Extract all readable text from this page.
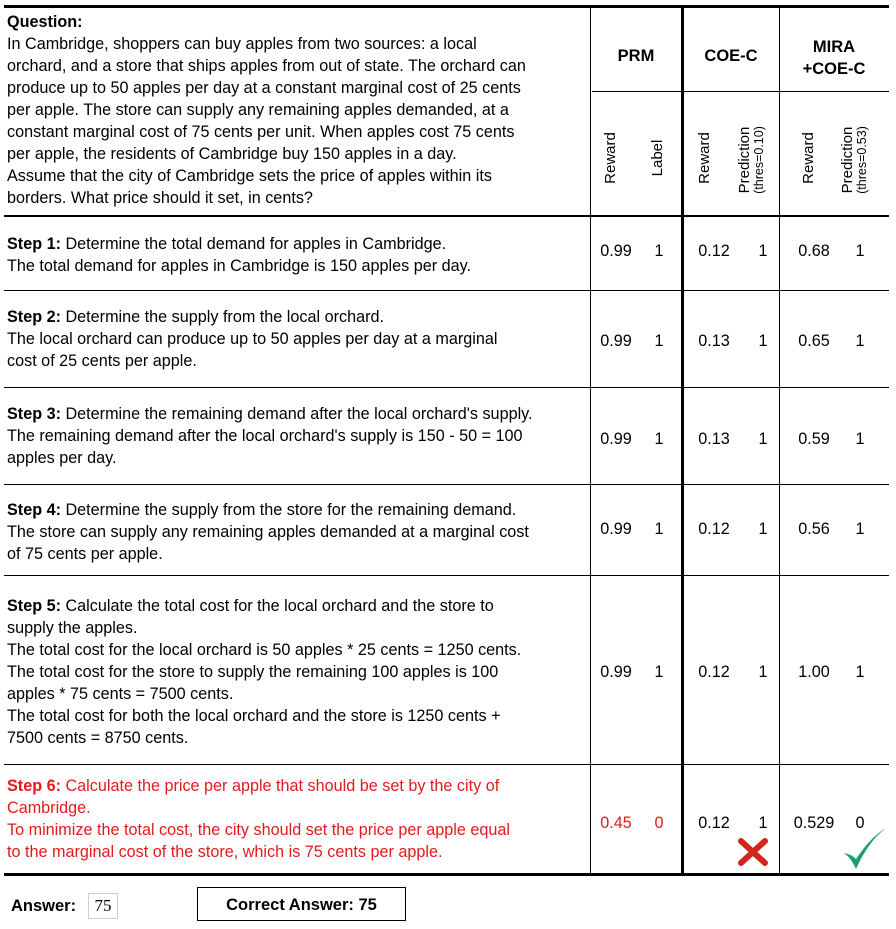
Question:
In Cambridge, shoppers can buy apples from two sources: a local
orchard, and a store that ships apples from out of state. The orchard can
produce up to 50 apples per day at a constant marginal cost of 25 cents
per apple. The store can supply any remaining apples demanded, at a
constant marginal cost of 75 cents per unit. When apples cost 75 cents
per apple, the residents of Cambridge buy 150 apples in a day.
Assume that the city of Cambridge sets the price of apples within its
borders. What price should it set, in cents?
PRM	COE-C	MIRA
+COE-C
Reward Label Reward Prediction (thres=0.10) Reward Prediction (thres=0.53)
Step 1: Determine the total demand for apples in Cambridge.
The total demand for apples in Cambridge is 150 apples per day.
0.99	1	0.12	1	0.68	1
Step 2: Determine the supply from the local orchard.
The local orchard can produce up to 50 apples per day at a marginal
cost of 25 cents per apple.
0.99	1	0.13	1	0.65	1
Step 3: Determine the remaining demand after the local orchard's supply.
The remaining demand after the local orchard's supply is 150 - 50 = 100
apples per day.
0.99	1	0.13	1	0.59	1
Step 4: Determine the supply from the store for the remaining demand.
The store can supply any remaining apples demanded at a marginal cost
of 75 cents per apple.
0.99	1	0.12	1	0.56	1
Step 5: Calculate the total cost for the local orchard and the store to
supply the apples.
The total cost for the local orchard is 50 apples * 25 cents = 1250 cents.
The total cost for the store to supply the remaining 100 apples is 100
apples * 75 cents = 7500 cents.
The total cost for both the local orchard and the store is 1250 cents +
7500 cents = 8750 cents.
0.99	1	0.12	1	1.00	1
Step 6: Calculate the price per apple that should be set by the city of
Cambridge.
To minimize the total cost, the city should set the price per apple equal
to the marginal cost of the store, which is 75 cents per apple.
0.45	0	0.12	1	0.529	0
Answer:	75	Correct Answer: 75
